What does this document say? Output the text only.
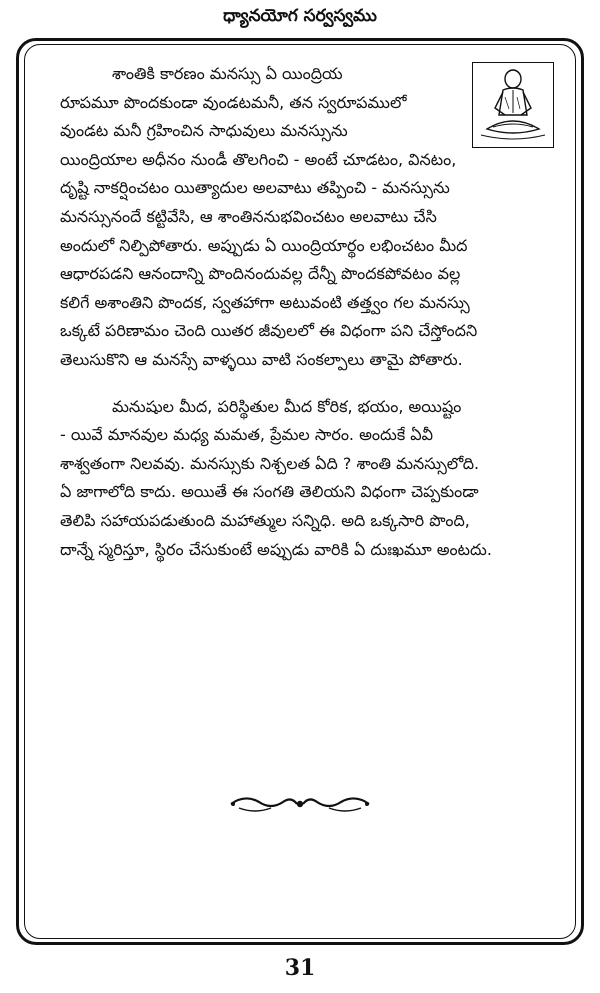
ధ్యానయోగ సర్వస్వము
శాంతికి కారణం మనస్సు ఏ యింద్రియ
రూపమూ పొందకుండా వుండటమనీ, తన స్వరూపములో
వుండట మనీ గ్రహించిన సాధువులు మనస్సును
యింద్రియాల అధీనం నుండీ తొలగించి - అంటే చూడటం, వినటం,
దృష్టి నాకర్షించటం యిత్యాదుల అలవాటు తప్పించి - మనస్సును
మనస్సునందే కట్టివేసి, ఆ శాంతిననుభవించటం అలవాటు చేసి
అందులో నిల్పిపోతారు. అప్పుడు ఏ యింద్రియార్థం లభించటం మీద
ఆధారపడని ఆనందాన్ని పొందినందువల్ల దేన్నీ పొందకపోవటం వల్ల
కలిగే అశాంతిని పొందక, స్వతహాగా అటువంటి తత్త్వం గల మనస్సు
ఒక్కటే పరిణామం చెంది యితర జీవులలో ఈ విధంగా పని చేస్తోందని
తెలుసుకొని ఆ మనస్సే వాళ్ళయి వాటి సంకల్పాలు తామై పోతారు.
మనుషుల మీద, పరిస్థితుల మీద కోరిక, భయం, అయిష్టం
- యివే మానవుల మధ్య మమత, ప్రేమల సారం. అందుకే ఏవీ
శాశ్వతంగా నిలవవు. మనస్సుకు నిశ్చలత ఏది ? శాంతి మనస్సులోది.
ఏ జాగాలోది కాదు. అయితే ఈ సంగతి తెలియని విధంగా చెప్పకుండా
తెలిపి సహాయపడుతుంది మహాత్ముల సన్నిధి. అది ఒక్కసారి పొంది,
దాన్నే స్మరిస్తూ, స్థిరం చేసుకుంటే అప్పుడు వారికి ఏ దుఃఖమూ అంటదు.
31
